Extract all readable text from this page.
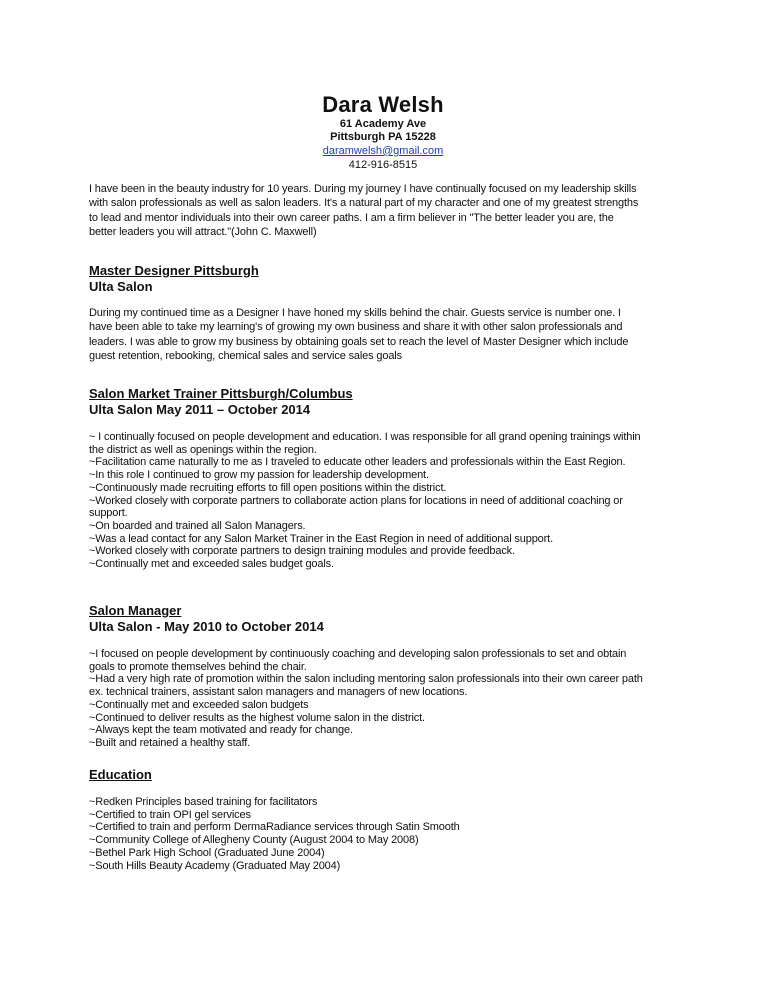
Dara Welsh
61 Academy Ave
Pittsburgh PA 15228
daramwelsh@gmail.com
412-916-8515

I have been in the beauty industry for 10 years. During my journey I have continually focused on my leadership skills

with salon professionals as well as salon leaders. It's a natural part of my character and one of my greatest strengths

to lead and mentor individuals into their own career paths. I am a firm believer in "The better leader you are, the

better leaders you will attract."(John C. Maxwell)

Master Designer Pittsburgh

Ulta Salon

During my continued time as a Designer I have honed my skills behind the chair. Guests service is number one. I

have been able to take my learning's of growing my own business and share it with other salon professionals and

leaders. I was able to grow my business by obtaining goals set to reach the level of Master Designer which include

guest retention, rebooking, chemical sales and service sales goals

Salon Market Trainer Pittsburgh/Columbus

Ulta Salon May 2011 – October 2014

~ I continually focused on people development and education. I was responsible for all grand opening trainings within

the district as well as openings within the region.

~Facilitation came naturally to me as I traveled to educate other leaders and professionals within the East Region.

~In this role I continued to grow my passion for leadership development.

~Continuously made recruiting efforts to fill open positions within the district.

~Worked closely with corporate partners to collaborate action plans for locations in need of additional coaching or

support.

~On boarded and trained all Salon Managers.

~Was a lead contact for any Salon Market Trainer in the East Region in need of additional support.

~Worked closely with corporate partners to design training modules and provide feedback.

~Continually met and exceeded sales budget goals.

Salon Manager

Ulta Salon - May 2010 to October 2014

~I focused on people development by continuously coaching and developing salon professionals to set and obtain

goals to promote themselves behind the chair.

~Had a very high rate of promotion within the salon including mentoring salon professionals into their own career path

ex. technical trainers, assistant salon managers and managers of new locations.

~Continually met and exceeded salon budgets

~Continued to deliver results as the highest volume salon in the district.

~Always kept the team motivated and ready for change.

~Built and retained a healthy staff.

Education

~Redken Principles based training for facilitators

~Certified to train OPI gel services

~Certified to train and perform DermaRadiance services through Satin Smooth

~Community College of Allegheny County (August 2004 to May 2008)

~Bethel Park High School (Graduated June 2004)

~South Hills Beauty Academy (Graduated May 2004)
